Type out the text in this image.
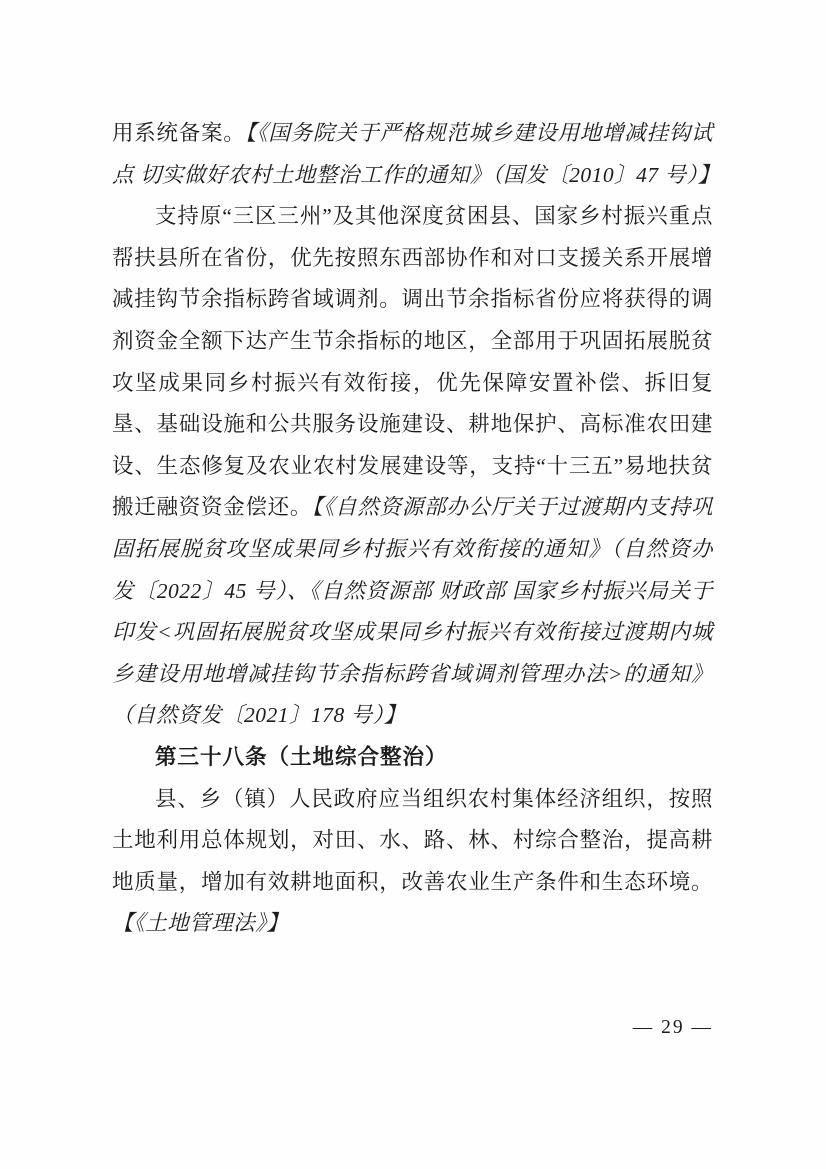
用系统备案。【《国务院关于严格规范城乡建设用地增减挂钩试点 切实做好农村土地整治工作的通知》（国发〔2010〕47 号）】

支持原“三区三州”及其他深度贫困县、国家乡村振兴重点帮扶县所在省份，优先按照东西部协作和对口支援关系开展增减挂钩节余指标跨省域调剂。调出节余指标省份应将获得的调剂资金全额下达产生节余指标的地区，全部用于巩固拓展脱贫攻坚成果同乡村振兴有效衔接，优先保障安置补偿、拆旧复垦、基础设施和公共服务设施建设、耕地保护、高标准农田建设、生态修复及农业农村发展建设等，支持“十三五”易地扶贫搬迁融资资金偿还。【《自然资源部办公厅关于过渡期内支持巩固拓展脱贫攻坚成果同乡村振兴有效衔接的通知》（自然资办发〔2022〕45 号）、《自然资源部 财政部 国家乡村振兴局关于印发<巩固拓展脱贫攻坚成果同乡村振兴有效衔接过渡期内城乡建设用地增减挂钩节余指标跨省域调剂管理办法>的通知》（自然资发〔2021〕178 号）】

第三十八条（土地综合整治）

县、乡（镇）人民政府应当组织农村集体经济组织，按照土地利用总体规划，对田、水、路、林、村综合整治，提高耕地质量，增加有效耕地面积，改善农业生产条件和生态环境。【《土地管理法》】

— 29 —
